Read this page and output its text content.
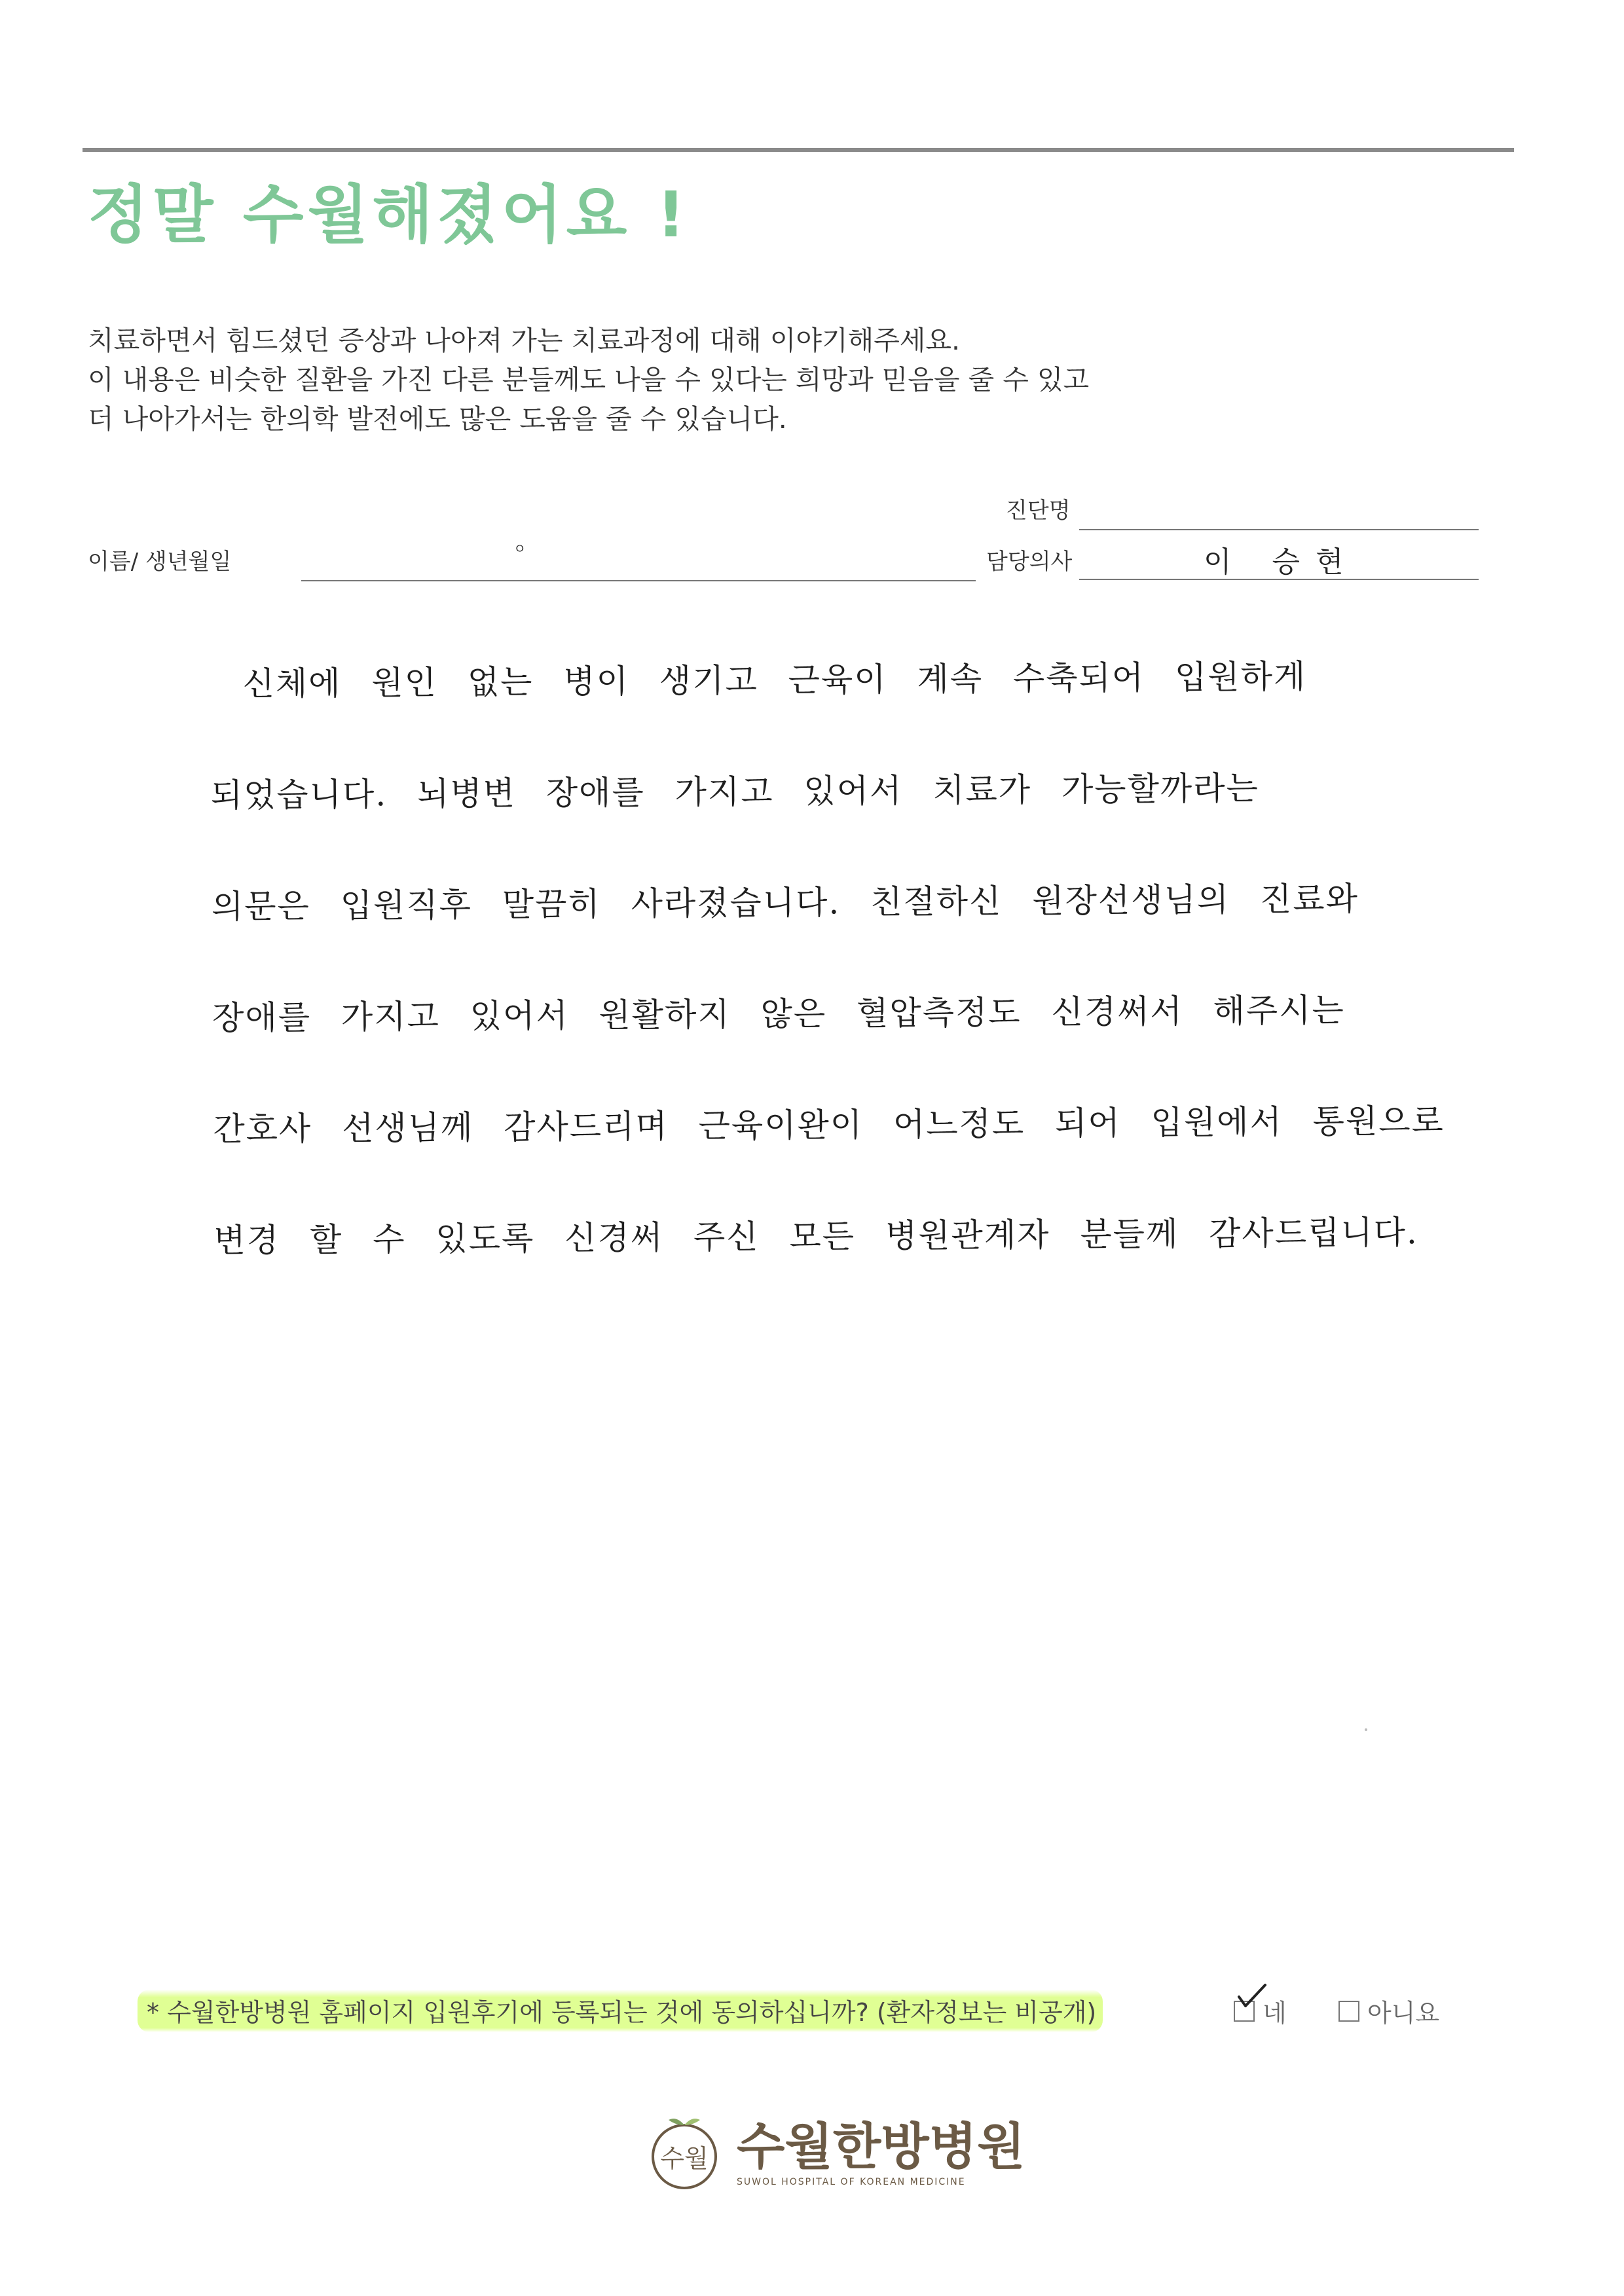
정말 수월해졌어요 !
치료하면서 힘드셨던 증상과 나아져 가는 치료과정에 대해 이야기해주세요.
이 내용은 비슷한 질환을 가진 다른 분들께도 나을 수 있다는 희망과 믿음을 줄 수 있고
더 나아가서는 한의학 발전에도 많은 도움을 줄 수 있습니다.
진단명
이름/ 생년월일	ㅇ	담당의사	이 승현
신체에 원인 없는 병이 생기고 근육이 계속 수축되어 입원하게
되었습니다. 뇌병변 장애를 가지고 있어서 치료가 가능할까라는
의문은 입원직후 말끔히 사라졌습니다. 친절하신 원장선생님의 진료와
장애를 가지고 있어서 원활하지 않은 혈압측정도 신경써서 해주시는
간호사 선생님께 감사드리며 근육이완이 어느정도 되어 입원에서 통원으로
변경 할 수 있도록 신경써 주신 모든 병원관계자 분들께 감사드립니다.
* 수월한방병원 홈페이지 입원후기에 등록되는 것에 동의하십니까? (환자정보는 비공개)	네	아니요
수월 수월한방병원
SUWOL HOSPITAL OF KOREAN MEDICINE
